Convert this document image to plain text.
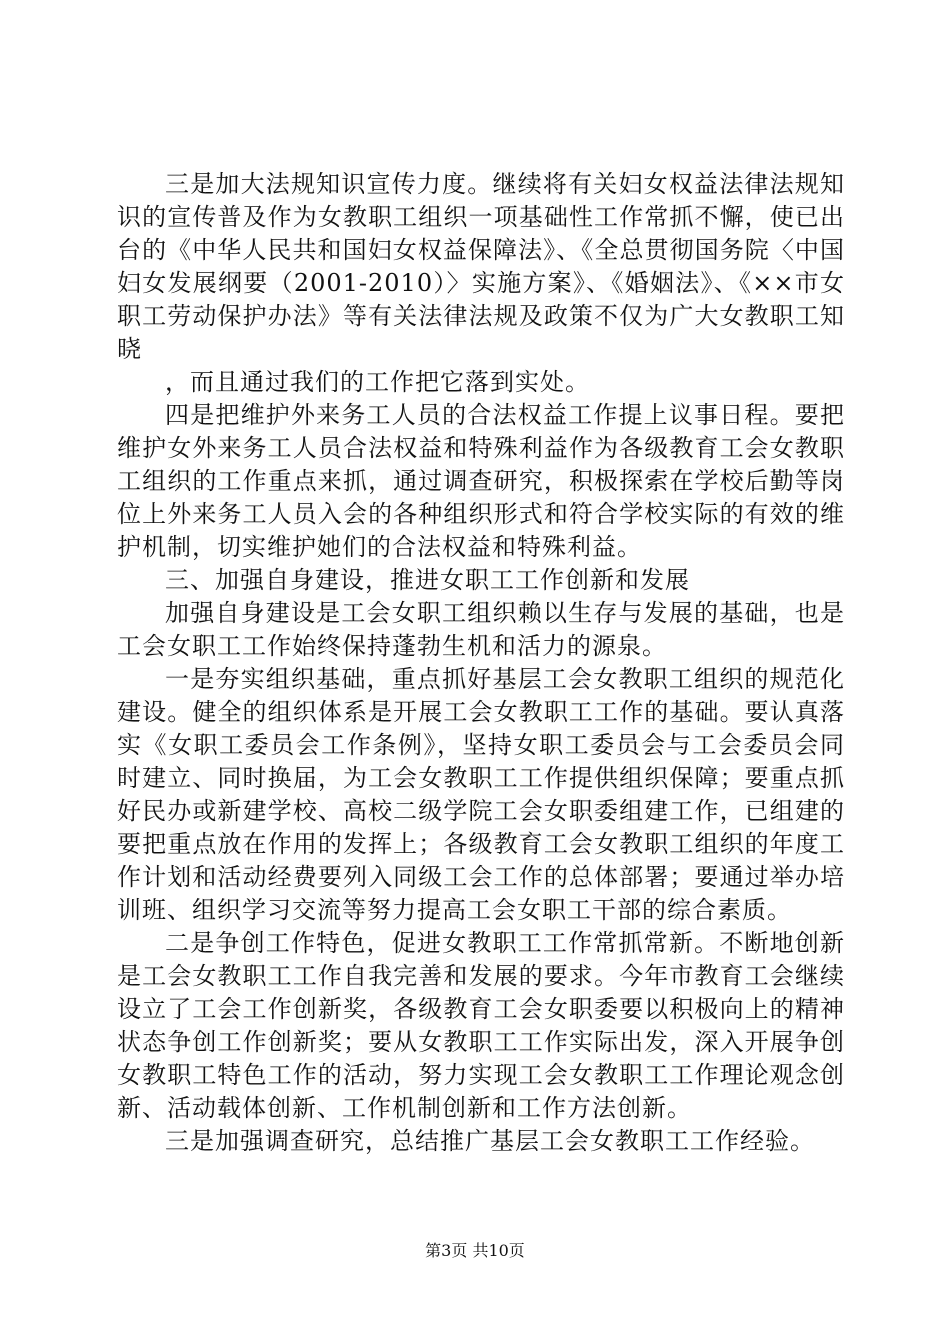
三是加大法规知识宣传力度。继续将有关妇女权益法律法规知识的宣传普及作为女教职工组织一项基础性工作常抓不懈，使已出台的《中华人民共和国妇女权益保障法》、《全总贯彻国务院〈中国妇女发展纲要（2001-2010）〉实施方案》、《婚姻法》、《××市女职工劳动保护办法》等有关法律法规及政策不仅为广大女教职工知晓

，而且通过我们的工作把它落到实处。

四是把维护外来务工人员的合法权益工作提上议事日程。要把维护女外来务工人员合法权益和特殊利益作为各级教育工会女教职工组织的工作重点来抓，通过调查研究，积极探索在学校后勤等岗位上外来务工人员入会的各种组织形式和符合学校实际的有效的维护机制，切实维护她们的合法权益和特殊利益。

三、加强自身建设，推进女职工工作创新和发展

加强自身建设是工会女职工组织赖以生存与发展的基础，也是工会女职工工作始终保持蓬勃生机和活力的源泉。

一是夯实组织基础，重点抓好基层工会女教职工组织的规范化建设。健全的组织体系是开展工会女教职工工作的基础。要认真落实《女职工委员会工作条例》，坚持女职工委员会与工会委员会同时建立、同时换届，为工会女教职工工作提供组织保障；要重点抓好民办或新建学校、高校二级学院工会女职委组建工作，已组建的要把重点放在作用的发挥上；各级教育工会女教职工组织的年度工作计划和活动经费要列入同级工会工作的总体部署；要通过举办培训班、组织学习交流等努力提高工会女职工干部的综合素质。

二是争创工作特色，促进女教职工工作常抓常新。不断地创新是工会女教职工工作自我完善和发展的要求。今年市教育工会继续设立了工会工作创新奖，各级教育工会女职委要以积极向上的精神状态争创工作创新奖；要从女教职工工作实际出发，深入开展争创女教职工特色工作的活动，努力实现工会女教职工工作理论观念创新、活动载体创新、工作机制创新和工作方法创新。

三是加强调查研究，总结推广基层工会女教职工工作经验。

第3页 共10页
